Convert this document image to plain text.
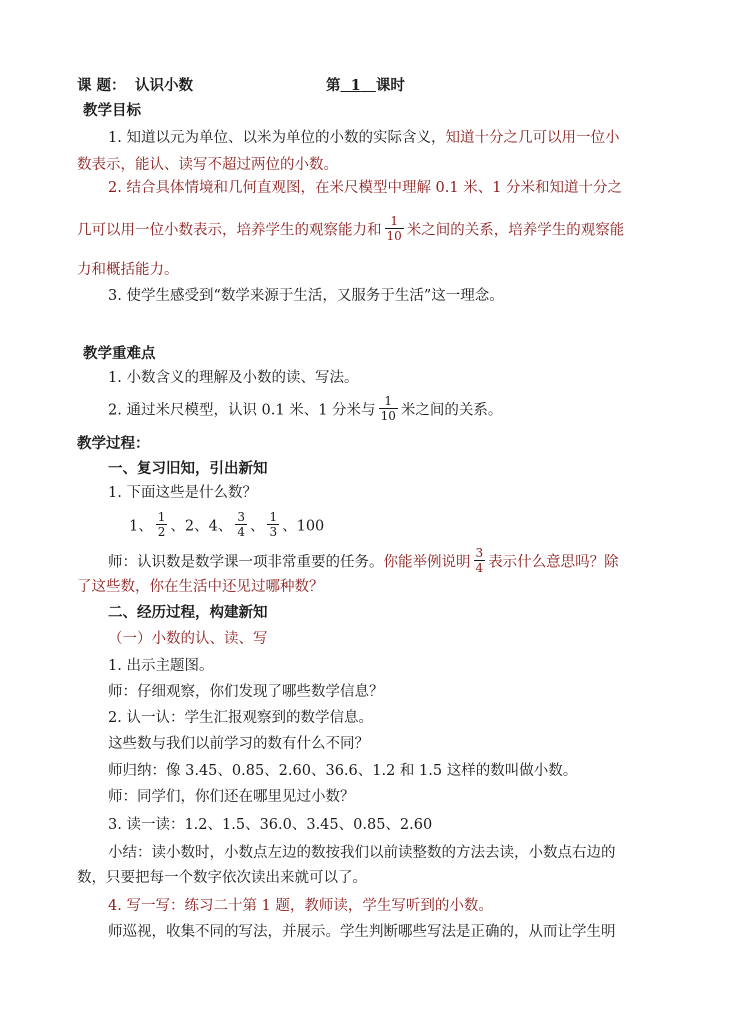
课 题： 认识小数	第 1 课时
教学目标
1. 知道以元为单位、以米为单位的小数的实际含义，知道十分之几可以用一位小
数表示，能认、读写不超过两位的小数。
2. 结合具体情境和几何直观图，在米尺模型中理解 0.1 米、1 分米和知道十分之
几可以用一位小数表示，培养学生的观察能力和 $\frac{1}{10}$ 米之间的关系，培养学生的观察能
力和概括能力。
3. 使学生感受到“数学来源于生活，又服务于生活”这一理念。
教学重难点
1. 小数含义的理解及小数的读、写法。
2. 通过米尺模型，认识 0.1 米、1 分米与 $\frac{1}{10}$ 米之间的关系。
教学过程：
一、复习旧知，引出新知
1. 下面这些是什么数？
1、 $\frac{1}{2}$ 、2、4、 $\frac{3}{4}$ 、 $\frac{1}{3}$ 、100
师：认识数是数学课一项非常重要的任务。你能举例说明 $\frac{3}{4}$ 表示什么意思吗？除
了这些数，你在生活中还见过哪种数？
二、经历过程，构建新知
（一）小数的认、读、写
1. 出示主题图。
师：仔细观察，你们发现了哪些数学信息？
2. 认一认：学生汇报观察到的数学信息。
这些数与我们以前学习的数有什么不同？
师归纳：像 3.45、0.85、2.60、36.6、1.2 和 1.5 这样的数叫做小数。
师：同学们，你们还在哪里见过小数？
3. 读一读：1.2、1.5、36.0、3.45、0.85、2.60
小结：读小数时，小数点左边的数按我们以前读整数的方法去读，小数点右边的
数，只要把每一个数字依次读出来就可以了。
4. 写一写：练习二十第 1 题，教师读，学生写听到的小数。
师巡视，收集不同的写法，并展示。学生判断哪些写法是正确的，从而让学生明
